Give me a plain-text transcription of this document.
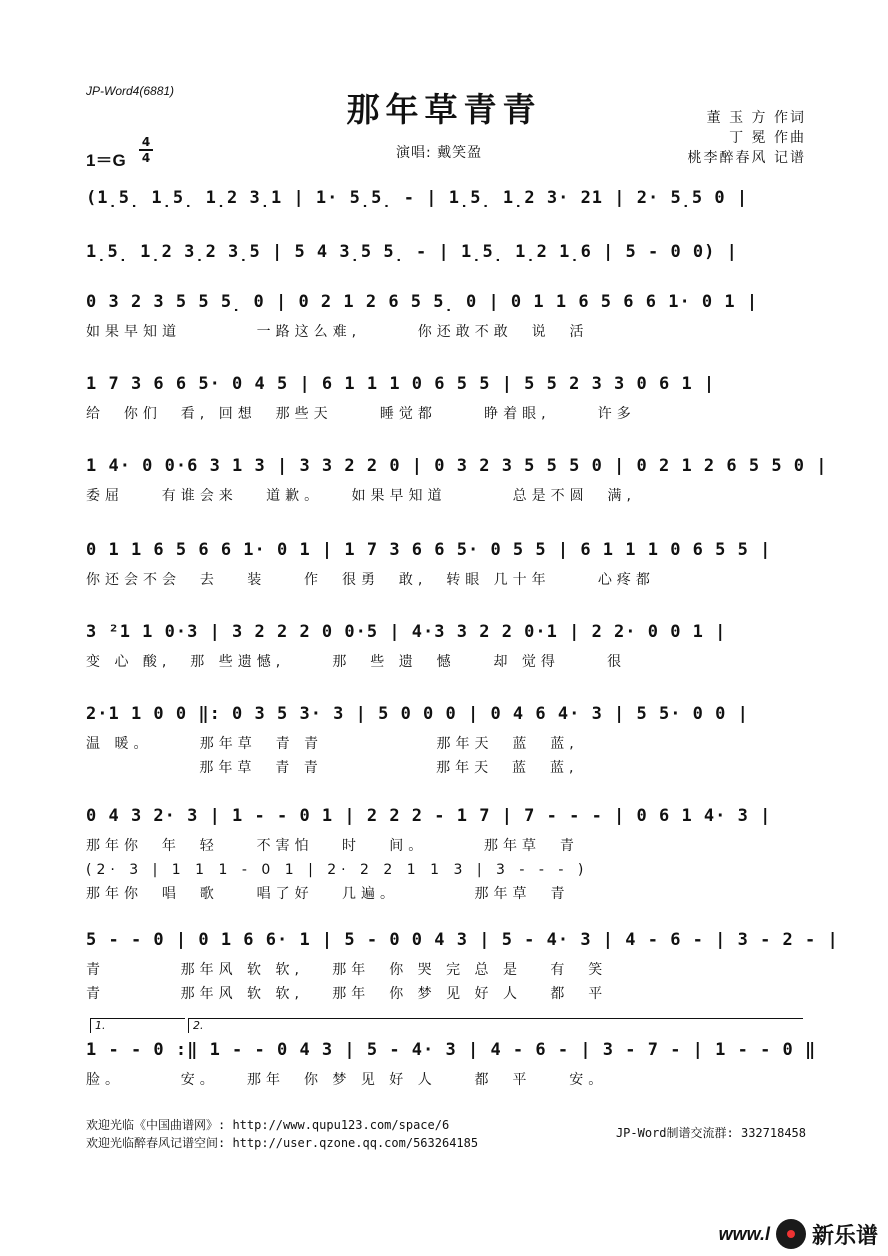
JP-Word4(6881)	那年草青青	董 玉 方 作词
丁 冕 作曲
桃李醉春风 记谱
1＝G
4
4	演唱: 戴笑盈
(1̣5̣ 1̣5̣ 1̣2 3̣1 | 1· 5̣5̣ - | 1̣5̣ 1̣2 3· 21 | 2· 5̣5 0 |
1̣5̣ 1̣2 3̣2 3̣5 | 5 4 3̣5 5̣ - | 1̣5̣ 1̣2 1̣6 | 5 - 0 0) |
0 3 2 3 5 5 5̣ 0 | 0 2 1 2 6 5 5̣ 0 | 0 1 1 6 5 6 6 1· 0 1 |
如果早知道        一路这么难,      你还敢不敢  说  活
1 7 3 6 6 5· 0 4 5 | 6 1 1 1 0 6 5 5 | 5 5 2 3 3 0 6 1 |
给  你们  看, 回想  那些天     睡觉都     睁着眼,     许多
1 4· 0 0·6 3 1 3 | 3 3 2 2 0 | 0 3 2 3 5 5 5 0 | 0 2 1 2 6 5 5 0 |
委屈    有谁会来   道歉。   如果早知道       总是不圆  满,
0 1 1 6 5 6 6 1· 0 1 | 1 7 3 6 6 5· 0 5 5 | 6 1 1 1 0 6 5 5 |
你还会不会  去   装    作  很勇  敢,  转眼 几十年     心疼都
3 ²1 1 0·3 | 3 2 2 2 0 0·5 | 4·3 3 2 2 0·1 | 2 2· 0 0 1 |
变 心 酸,  那 些遗憾,     那  些 遗  憾    却 觉得     很
2·1 1 0 0 ‖: 0 3 5 3· 3 | 5 0 0 0 | 0 4 6 4· 3 | 5 5· 0 0 |
温 暖。     那年草  青 青            那年天  蓝  蓝,
那年草  青 青            那年天  蓝  蓝,
0 4 3 2· 3 | 1 - - 0 1 | 2 2 2 - 1 7 | 7 - - - | 0 6 1 4· 3 |
那年你  年  轻    不害怕   时   间。      那年草  青
(2· 3 | 1 1 1 - 0 1 | 2· 2 2 1 1 3 | 3 - - - )
那年你  唱  歌    唱了好   几遍。        那年草  青
5 - - 0 | 0 1 6 6· 1 | 5 - 0 0 4 3 | 5 - 4· 3 | 4 - 6 - | 3 - 2 - |
青        那年风 软 软,   那年  你 哭 完 总 是   有  笑
青        那年风 软 软,   那年  你 梦 见 好 人   都  平
1 - - 0 :‖ 1 - - 0 4 3 | 5 - 4· 3 | 4 - 6 - | 3 - 7 - | 1 - - 0 ‖
脸。      安。   那年  你 梦 见 好 人    都  平    安。
1.	2.
欢迎光临《中国曲谱网》: http://www.qupu123.com/space/6
欢迎光临醉春风记谱空间: http://user.qzone.qq.com/563264185
JP-Word制谱交流群: 332718458
www.l 新乐谱
